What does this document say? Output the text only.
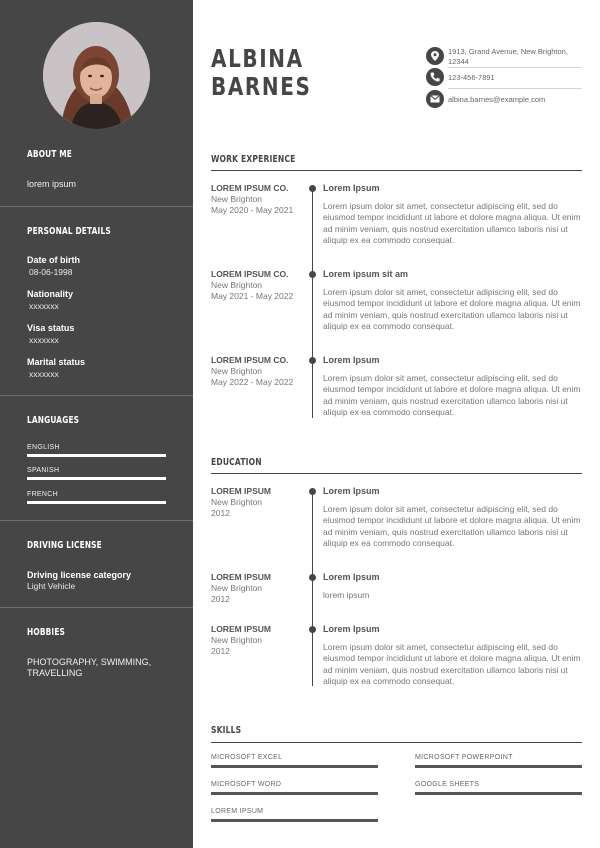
ABOUT ME
lorem ipsum
PERSONAL DETAILS
Date of birth
08-06-1998
Nationality
xxxxxxx
Visa status
xxxxxxx
Marital status
xxxxxxx
LANGUAGES
ENGLISH
SPANISH
FRENCH
DRIVING LICENSE
Driving license category
Light Vehicle
HOBBIES
PHOTOGRAPHY, SWIMMING,
TRAVELLING
ALBINA
BARNES
1913, Grand Avenue, New Brighton, 12344
123-456-7891
albina.barnes@example.com
WORK EXPERIENCE
LOREM IPSUM CO.
New Brighton
May 2020 - May 2021
Lorem Ipsum
Lorem ipsum dolor sit amet, consectetur adipiscing elit, sed do eiusmod tempor incididunt ut labore et dolore magna aliqua. Ut enim ad minim veniam, quis nostrud exercitation ullamco laboris nisi ut aliquip ex ea commodo consequat.
LOREM IPSUM CO.
New Brighton
May 2021 - May 2022
Lorem ipsum sit am
Lorem ipsum dolor sit amet, consectetur adipiscing elit, sed do eiusmod tempor incididunt ut labore et dolore magna aliqua. Ut enim ad minim veniam, quis nostrud exercitation ullamco laboris nisi ut aliquip ex ea commodo consequat.
LOREM IPSUM CO.
New Brighton
May 2022 - May 2022
Lorem Ipsum
Lorem ipsum dolor sit amet, consectetur adipiscing elit, sed do eiusmod tempor incididunt ut labore et dolore magna aliqua. Ut enim ad minim veniam, quis nostrud exercitation ullamco laboris nisi ut aliquip ex ea commodo consequat.
EDUCATION
LOREM IPSUM
New Brighton
2012
Lorem Ipsum
Lorem ipsum dolor sit amet, consectetur adipiscing elit, sed do eiusmod tempor incididunt ut labore et dolore magna aliqua. Ut enim ad minim veniam, quis nostrud exercitation ullamco laboris nisi ut aliquip ex ea commodo consequat.
LOREM IPSUM
New Brighton
2012
Lorem Ipsum
lorem ipsum
LOREM IPSUM
New Brighton
2012
Lorem Ipsum
Lorem ipsum dolor sit amet, consectetur adipiscing elit, sed do eiusmod tempor incididunt ut labore et dolore magna aliqua. Ut enim ad minim veniam, quis nostrud exercitation ullamco laboris nisi ut aliquip ex ea commodo consequat.
SKILLS
MICROSOFT EXCEL	MICROSOFT POWERPOINT
MICROSOFT WORD	GOOGLE SHEETS
LOREM IPSUM
